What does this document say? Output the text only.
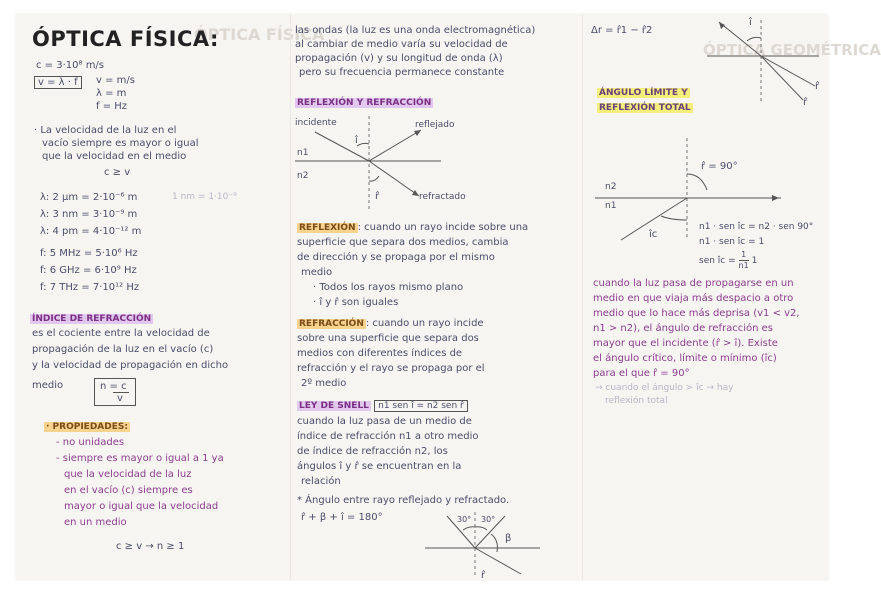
ÓPTICA FÍSICA
ÓPTICA FÍSICA:
c = 3·10⁸ m/s
v = λ · f	v = m/s
λ = m
f = Hz
· La velocidad de la luz en el
vacío siempre es mayor o igual
que la velocidad en el medio
c ≥ v
λ: 2 μm = 2·10⁻⁶ m	1 nm = 1·10⁻⁹
λ: 3 nm = 3·10⁻⁹ m
λ: 4 pm = 4·10⁻¹² m
f: 5 MHz = 5·10⁶ Hz
f: 6 GHz = 6·10⁹ Hz
f: 7 THz = 7·10¹² Hz
ÍNDICE DE REFRACCIÓN
es el cociente entre la velocidad de
propagación de la luz en el vacío (c)
y la velocidad de propagación en dicho
medio	n = c
v
· PROPIEDADES:
- no unidades
- siempre es mayor o igual a 1 ya
que la velocidad de la luz
en el vacío (c) siempre es
mayor o igual que la velocidad
en un medio
c ≥ v → n ≥ 1
las ondas (la luz es una onda electromagnética)
al cambiar de medio varía su velocidad de
propagación (v) y su longitud de onda (λ)
pero su frecuencia permanece constante
REFLEXIÓN Y REFRACCIÓN
incidente	reflejado
refractado
î
r̂
n1
n2
REFLEXIÓN : cuando un rayo incide sobre una
superficie que separa dos medios, cambia
de dirección y se propaga por el mismo
medio
· Todos los rayos mismo plano
· î y r̂ son iguales
REFRACCIÓN : cuando un rayo incide
sobre una superficie que separa dos
medios con diferentes índices de
refracción y el rayo se propaga por el
2º medio
LEY DE SNELL n1 sen î = n2 sen r̂
cuando la luz pasa de un medio de
índice de refracción n1 a otro medio
de índice de refracción n2, los
ángulos î y r̂ se encuentran en la
relación
* Ángulo entre rayo reflejado y refractado.
r̂ + β + î = 180°	30° 30°
β
r̂
Δr = r̂1 − r̂2
ÓPTICA GEOMÉTRICA
î
r̂
r̂
ÁNGULO LÍMITE Y
REFLEXIÓN TOTAL
r̂ = 90°
n2
n1
îc
n1 · sen îc = n2 · sen 90°
n1 · sen îc = 1
sen îc = $\frac{1}{n1} 1$
cuando la luz pasa de propagarse en un
medio en que viaja más despacio a otro
medio que lo hace más deprisa (v1 < v2,
n1 > n2), el ángulo de refracción es
mayor que el incidente (r̂ > î). Existe
el ángulo crítico, límite o mínimo (îc)
para el que r̂ = 90°
→ cuando el ángulo > îc → hay
reflexión total
